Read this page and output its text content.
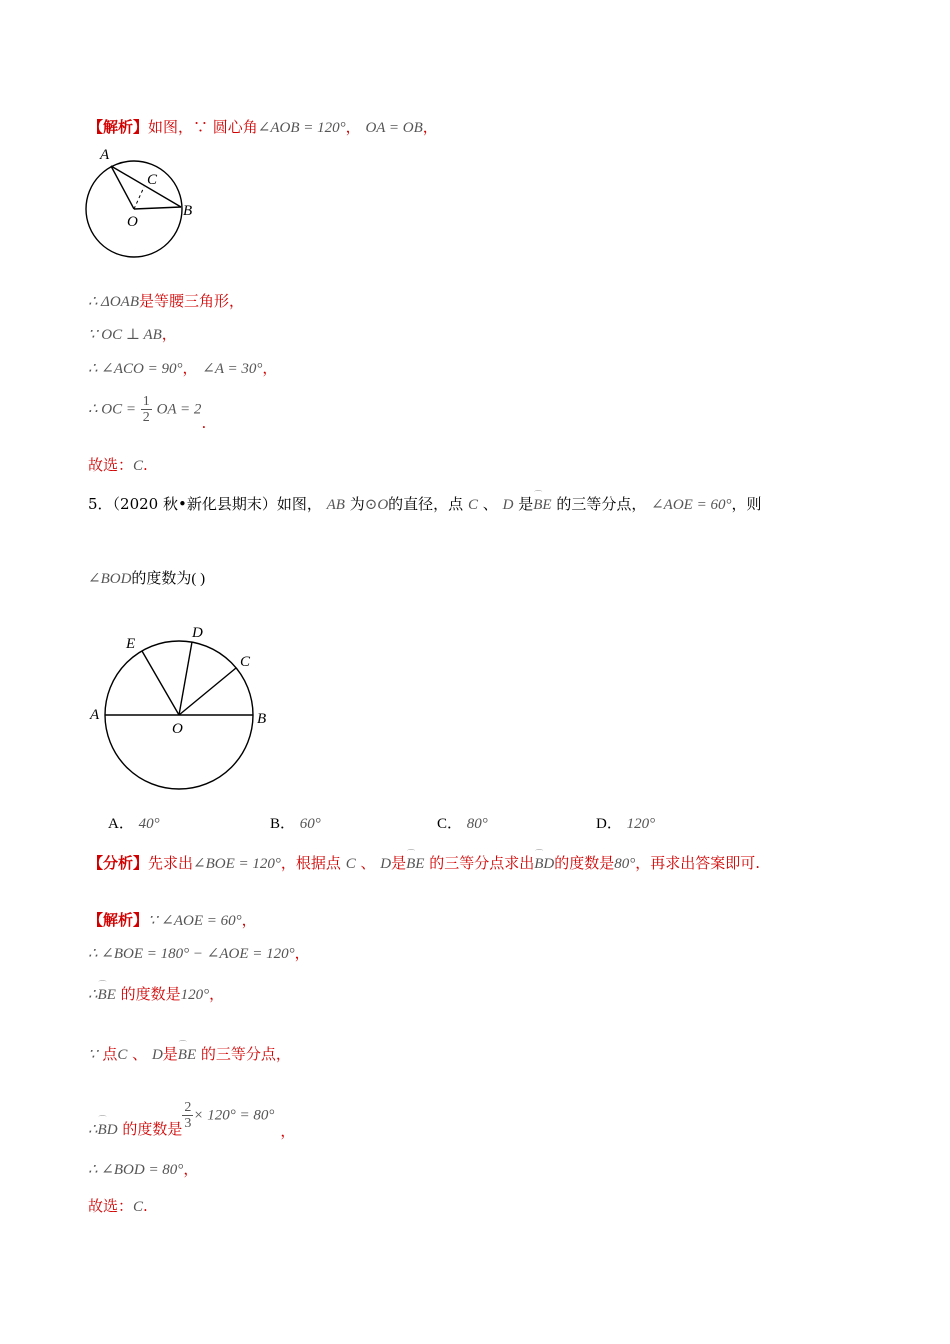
【解析】如图，∵ 圆心角∠AOB = 120°， OA = OB，
A
C
O
B
∴ ΔOAB是等腰三角形，
∵ OC ⊥ AB，
∴ ∠ACO = 90°， ∠A = 30°，
∴ OC = $\frac{1}{2}$ OA = 2.
故选：C.
5．（2020 秋•新化县期末）如图， AB 为⊙O的直径，点 C 、 D 是
⌒
BE 的三等分点， ∠AOE = 60°，则
∠BOD的度数为( )
A	B
C
D
E
O
A． 40°	B． 60°	C． 80°	D． 120°
【分析】先求出∠BOE = 120°，根据点 C 、 D是
⌒
BE 的三等分点求出
⌒
BD的度数是80°，再求出答案即可.
【解析】∵ ∠AOE = 60°，
∴ ∠BOE = 180° − ∠AOE = 120°，
∴
⌒
BE 的度数是120°，
∵ 点C 、 D是
⌒
BE 的三等分点，
∴
⌒
BD 的度数是 $\frac{2}{3} \times 120^\circ = 80^\circ$，
∴ ∠BOD = 80°，
故选：C.
